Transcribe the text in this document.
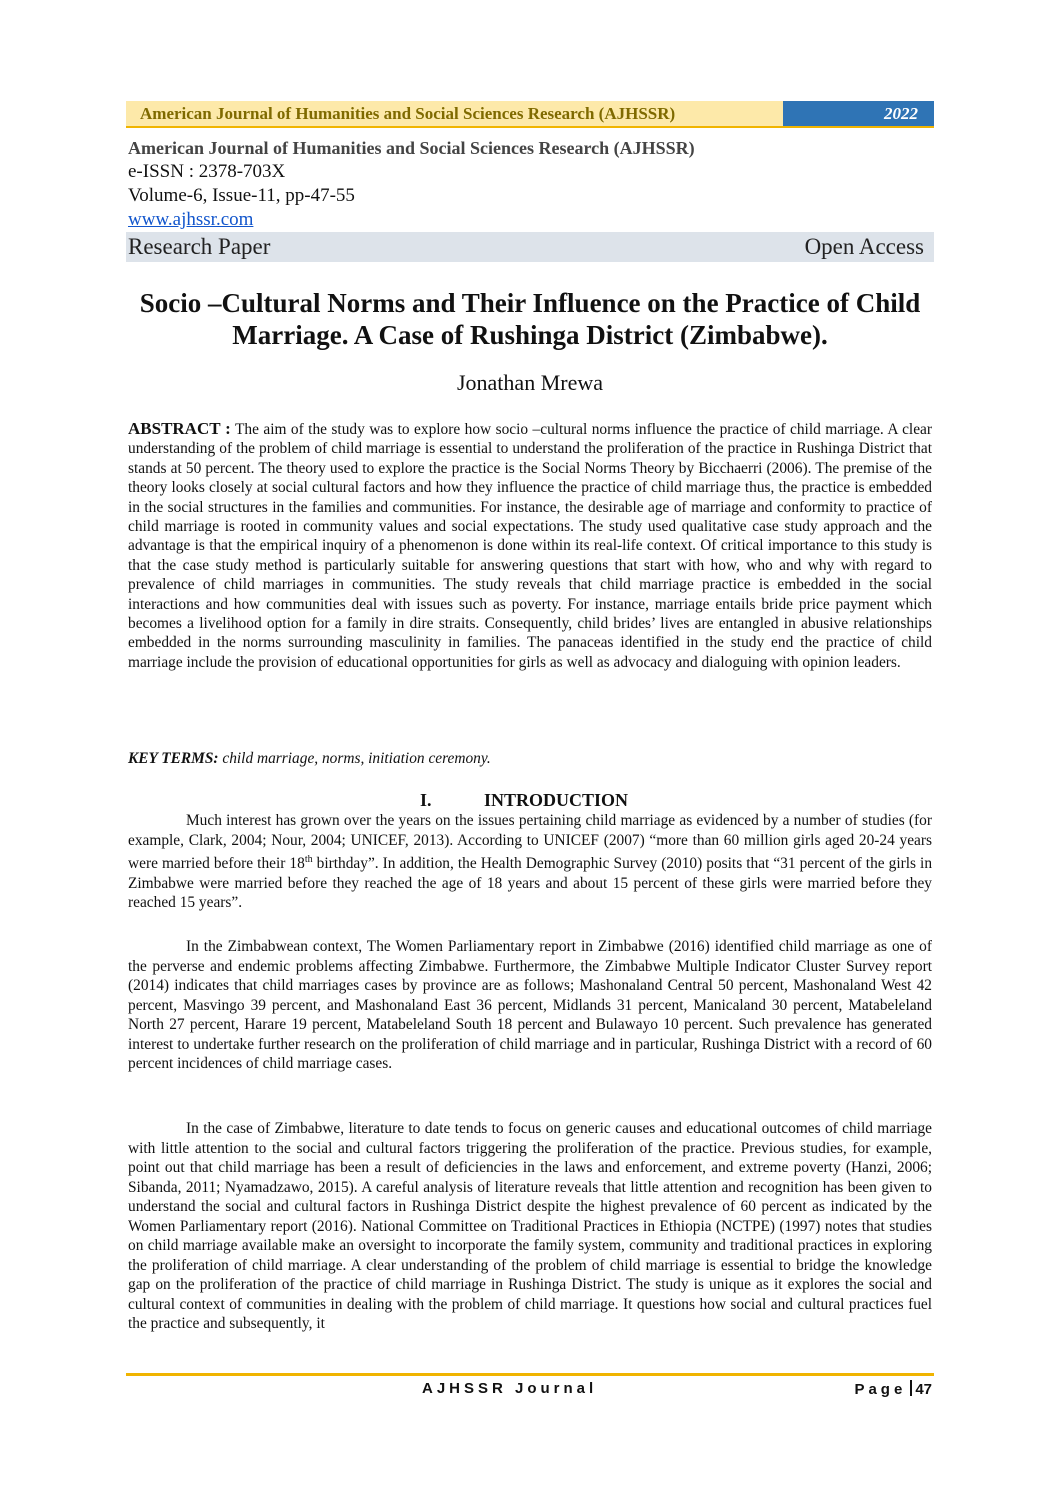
American Journal of Humanities and Social Sciences Research (AJHSSR)	2022
American Journal of Humanities and Social Sciences Research (AJHSSR)
e-ISSN : 2378-703X
Volume-6, Issue-11, pp-47-55
www.ajhssr.com
Research Paper	Open Access
Socio –Cultural Norms and Their Influence on the Practice of Child Marriage. A Case of Rushinga District (Zimbabwe).
Jonathan Mrewa
ABSTRACT : The aim of the study was to explore how socio –cultural norms influence the practice of child marriage. A clear understanding of the problem of child marriage is essential to understand the proliferation of the practice in Rushinga District that stands at 50 percent. The theory used to explore the practice is the Social Norms Theory by Bicchaerri (2006). The premise of the theory looks closely at social cultural factors and how they influence the practice of child marriage thus, the practice is embedded in the social structures in the families and communities. For instance, the desirable age of marriage and conformity to practice of child marriage is rooted in community values and social expectations. The study used qualitative case study approach and the advantage is that the empirical inquiry of a phenomenon is done within its real-life context. Of critical importance to this study is that the case study method is particularly suitable for answering questions that start with how, who and why with regard to prevalence of child marriages in communities. The study reveals that child marriage practice is embedded in the social interactions and how communities deal with issues such as poverty. For instance, marriage entails bride price payment which becomes a livelihood option for a family in dire straits. Consequently, child brides’ lives are entangled in abusive relationships embedded in the norms surrounding masculinity in families. The panaceas identified in the study end the practice of child marriage include the provision of educational opportunities for girls as well as advocacy and dialoguing with opinion leaders.
KEY TERMS: child marriage, norms, initiation ceremony.
I.	INTRODUCTION
Much interest has grown over the years on the issues pertaining child marriage as evidenced by a number of studies (for example, Clark, 2004; Nour, 2004; UNICEF, 2013). According to UNICEF (2007) “more than 60 million girls aged 20-24 years were married before their 18th birthday”. In addition, the Health Demographic Survey (2010) posits that “31 percent of the girls in Zimbabwe were married before they reached the age of 18 years and about 15 percent of these girls were married before they reached 15 years”.
In the Zimbabwean context, The Women Parliamentary report in Zimbabwe (2016) identified child marriage as one of the perverse and endemic problems affecting Zimbabwe. Furthermore, the Zimbabwe Multiple Indicator Cluster Survey report (2014) indicates that child marriages cases by province are as follows; Mashonaland Central 50 percent, Mashonaland West 42 percent, Masvingo 39 percent, and Mashonaland East 36 percent, Midlands 31 percent, Manicaland 30 percent, Matabeleland North 27 percent, Harare 19 percent, Matabeleland South 18 percent and Bulawayo 10 percent. Such prevalence has generated interest to undertake further research on the proliferation of child marriage and in particular, Rushinga District with a record of 60 percent incidences of child marriage cases.
In the case of Zimbabwe, literature to date tends to focus on generic causes and educational outcomes of child marriage with little attention to the social and cultural factors triggering the proliferation of the practice. Previous studies, for example, point out that child marriage has been a result of deficiencies in the laws and enforcement, and extreme poverty (Hanzi, 2006; Sibanda, 2011; Nyamadzawo, 2015). A careful analysis of literature reveals that little attention and recognition has been given to understand the social and cultural factors in Rushinga District despite the highest prevalence of 60 percent as indicated by the Women Parliamentary report (2016). National Committee on Traditional Practices in Ethiopia (NCTPE) (1997) notes that studies on child marriage available make an oversight to incorporate the family system, community and traditional practices in exploring the proliferation of child marriage. A clear understanding of the problem of child marriage is essential to bridge the knowledge gap on the proliferation of the practice of child marriage in Rushinga District. The study is unique as it explores the social and cultural context of communities in dealing with the problem of child marriage. It questions how social and cultural practices fuel the practice and subsequently, it
AJHSSR Journal	Page 47
